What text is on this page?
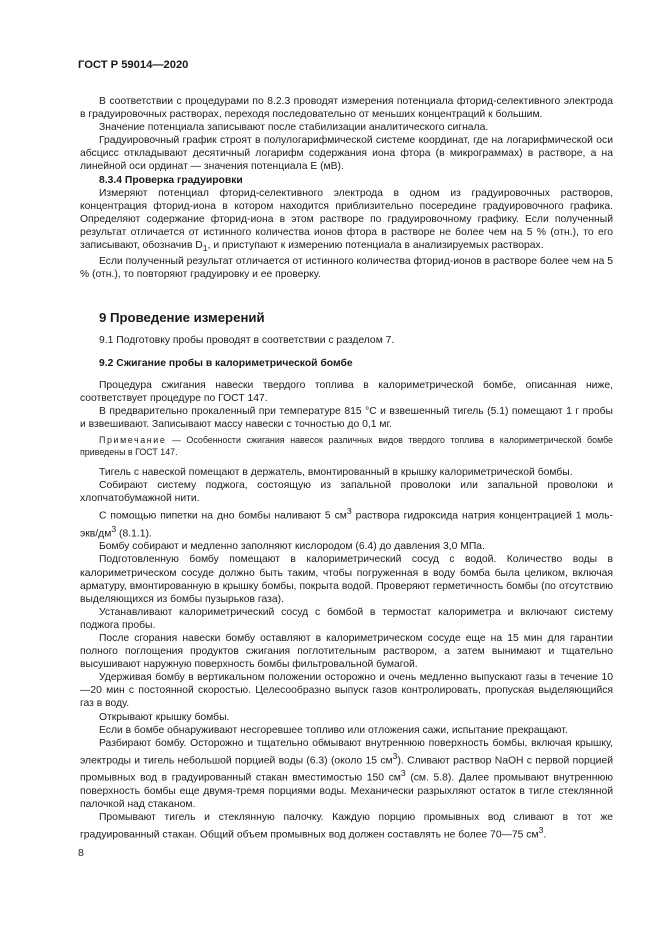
ГОСТ Р 59014—2020

В соответствии с процедурами по 8.2.3 проводят измерения потенциала фторид-селективного электрода в градуировочных растворах, переходя последовательно от меньших концентраций к большим.

Значение потенциала записывают после стабилизации аналитического сигнала.

Градуировочный график строят в полулогарифмической системе координат, где на логарифмической оси абсцисс откладывают десятичный логарифм содержания иона фтора (в микрограммах) в растворе, а на линейной оси ординат — значения потенциала E (мВ).

8.3.4 Проверка градуировки

Измеряют потенциал фторид-селективного электрода в одном из градуировочных растворов, концентрация фторид-иона в котором находится приблизительно посередине градуировочного графика. Определяют содержание фторид-иона в этом растворе по градуировочному графику. Если полученный результат отличается от истинного количества ионов фтора в растворе не более чем на 5 % (отн.), то его записывают, обозначив $D_1$, и приступают к измерению потенциала в анализируемых растворах.

Если полученный результат отличается от истинного количества фторид-ионов в растворе более чем на 5 % (отн.), то повторяют градуировку и ее проверку.

9 Проведение измерений

9.1 Подготовку пробы проводят в соответствии с разделом 7.

9.2 Сжигание пробы в калориметрической бомбе

Процедура сжигания навески твердого топлива в калориметрической бомбе, описанная ниже, соответствует процедуре по ГОСТ 147.

В предварительно прокаленный при температуре 815 °С и взвешенный тигель (5.1) помещают 1 г пробы и взвешивают. Записывают массу навески с точностью до 0,1 мг.

Примечание — Особенности сжигания навесок различных видов твердого топлива в калориметрической бомбе приведены в ГОСТ 147.

Тигель с навеской помещают в держатель, вмонтированный в крышку калориметрической бомбы.

Собирают систему поджога, состоящую из запальной проволоки или запальной проволоки и хлопчатобумажной нити.

С помощью пипетки на дно бомбы наливают 5 $см^3$ раствора гидроксида натрия концентрацией 1 моль-$экв/дм^3$ (8.1.1).

Бомбу собирают и медленно заполняют кислородом (6.4) до давления 3,0 МПа.

Подготовленную бомбу помещают в калориметрический сосуд с водой. Количество воды в калориметрическом сосуде должно быть таким, чтобы погруженная в воду бомба была целиком, включая арматуру, вмонтированную в крышку бомбы, покрыта водой. Проверяют герметичность бомбы (по отсутствию выделяющихся из бомбы пузырьков газа).

Устанавливают калориметрический сосуд с бомбой в термостат калориметра и включают систему поджога пробы.

После сгорания навески бомбу оставляют в калориметрическом сосуде еще на 15 мин для гарантии полного поглощения продуктов сжигания поглотительным раствором, а затем вынимают и тщательно высушивают наружную поверхность бомбы фильтровальной бумагой.

Удерживая бомбу в вертикальном положении осторожно и очень медленно выпускают газы в течение 10—20 мин с постоянной скоростью. Целесообразно выпуск газов контролировать, пропуская выделяющийся газ в воду.

Открывают крышку бомбы.

Если в бомбе обнаруживают несгоревшее топливо или отложения сажи, испытание прекращают.

Разбирают бомбу. Осторожно и тщательно обмывают внутреннюю поверхность бомбы, включая крышку, электроды и тигель небольшой порцией воды (6.3) (около 15 $см^3$). Сливают раствор NaOH с первой порцией промывных вод в градуированный стакан вместимостью 150 $см^3$ (см. 5.8). Далее промывают внутреннюю поверхность бомбы еще двумя-тремя порциями воды. Механически разрыхляют остаток в тигле стеклянной палочкой над стаканом.

Промывают тигель и стеклянную палочку. Каждую порцию промывных вод сливают в тот же градуированный стакан. Общий объем промывных вод должен составлять не более 70—75 $см^3$.

8
